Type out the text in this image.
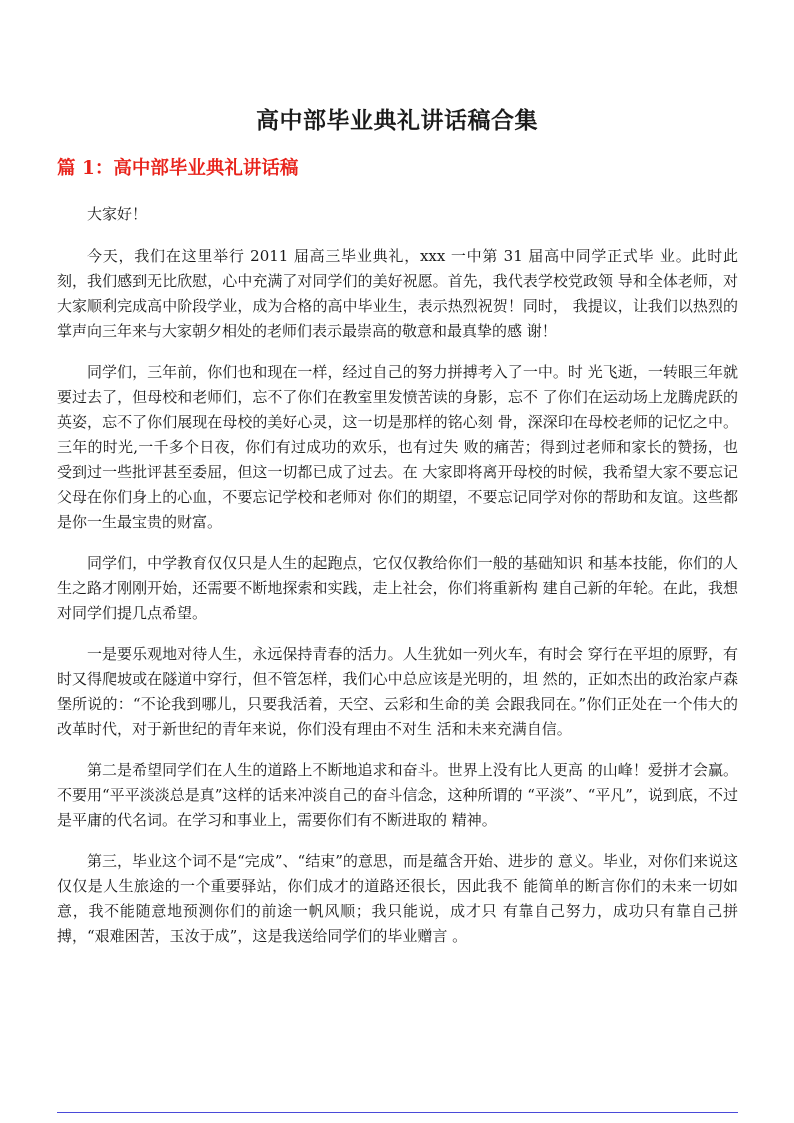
高中部毕业典礼讲话稿合集
篇 1：高中部毕业典礼讲话稿

大家好！

今天，我们在这里举行 2011 届高三毕业典礼，xxx 一中第 31 届高中同学正式毕 业。此时此刻，我们感到无比欣慰，心中充满了对同学们的美好祝愿。首先，我代表学校党政领 导和全体老师，对大家顺利完成高中阶段学业，成为合格的高中毕业生，表示热烈祝贺！同时， 我提议，让我们以热烈的掌声向三年来与大家朝夕相处的老师们表示最崇高的敬意和最真挚的感 谢！

同学们，三年前，你们也和现在一样，经过自己的努力拼搏考入了一中。时 光飞逝，一转眼三年就要过去了，但母校和老师们，忘不了你们在教室里发愤苦读的身影，忘不 了你们在运动场上龙腾虎跃的英姿，忘不了你们展现在母校的美好心灵，这一切是那样的铭心刻 骨，深深印在母校老师的记忆之中。三年的时光,一千多个日夜，你们有过成功的欢乐，也有过失 败的痛苦；得到过老师和家长的赞扬，也受到过一些批评甚至委屈，但这一切都已成了过去。在 大家即将离开母校的时候，我希望大家不要忘记父母在你们身上的心血，不要忘记学校和老师对 你们的期望，不要忘记同学对你的帮助和友谊。这些都是你一生最宝贵的财富。

同学们，中学教育仅仅只是人生的起跑点，它仅仅教给你们一般的基础知识 和基本技能，你们的人生之路才刚刚开始，还需要不断地探索和实践，走上社会，你们将重新构 建自己新的年轮。在此，我想对同学们提几点希望。

一是要乐观地对待人生，永远保持青春的活力。人生犹如一列火车，有时会 穿行在平坦的原野，有时又得爬坡或在隧道中穿行，但不管怎样，我们心中总应该是光明的，坦 然的，正如杰出的政治家卢森堡所说的：“不论我到哪儿，只要我活着，天空、云彩和生命的美 会跟我同在。”你们正处在一个伟大的改革时代，对于新世纪的青年来说，你们没有理由不对生 活和未来充满自信。

第二是希望同学们在人生的道路上不断地追求和奋斗。世界上没有比人更高 的山峰！爱拼才会赢。不要用“平平淡淡总是真”这样的话来冲淡自己的奋斗信念，这种所谓的 “平淡”、“平凡”，说到底，不过是平庸的代名词。在学习和事业上，需要你们有不断进取的 精神。

第三，毕业这个词不是“完成”、“结束”的意思，而是蕴含开始、进步的 意义。毕业，对你们来说这仅仅是人生旅途的一个重要驿站，你们成才的道路还很长，因此我不 能简单的断言你们的未来一切如意，我不能随意地预测你们的前途一帆风顺；我只能说，成才只 有靠自己努力，成功只有靠自己拼搏，“艰难困苦，玉汝于成”，这是我送给同学们的毕业赠言 。
